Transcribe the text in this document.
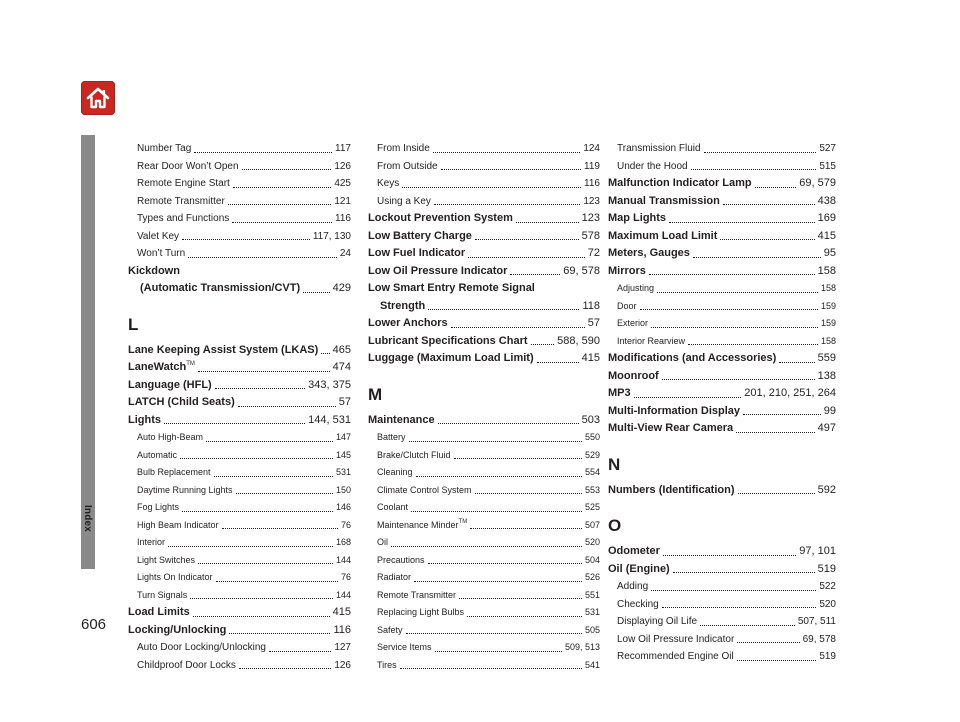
Index
606
Number Tag	117
Rear Door Won’t Open	126
Remote Engine Start	425
Remote Transmitter	121
Types and Functions	116
Valet Key	117, 130
Won’t Turn	24
Kickdown
(Automatic Transmission/CVT)	429
L
Lane Keeping Assist System (LKAS) 465
LaneWatch™	474
Language (HFL)	343, 375
LATCH (Child Seats)	57
Lights	144, 531
Auto High-Beam	147
Automatic	145
Bulb Replacement	531
Daytime Running Lights	150
Fog Lights	146
High Beam Indicator	76
Interior	168
Light Switches	144
Lights On Indicator	76
Turn Signals	144
Load Limits	415
Locking/Unlocking	116
Auto Door Locking/Unlocking	127
Childproof Door Locks	126
From Inside	124
From Outside	119
Keys	116
Using a Key	123
Lockout Prevention System	123
Low Battery Charge	578
Low Fuel Indicator	72
Low Oil Pressure Indicator	69, 578
Low Smart Entry Remote Signal
Strength	118
Lower Anchors	57
Lubricant Specifications Chart	588, 590
Luggage (Maximum Load Limit)	415
M
Maintenance	503
Battery	550
Brake/Clutch Fluid	529
Cleaning	554
Climate Control System	553
Coolant	525
Maintenance Minder™	507
Oil	520
Precautions	504
Radiator	526
Remote Transmitter	551
Replacing Light Bulbs	531
Safety	505
Service Items	509, 513
Tires	541
Transmission Fluid	527
Under the Hood	515
Malfunction Indicator Lamp	69, 579
Manual Transmission	438
Map Lights	169
Maximum Load Limit	415
Meters, Gauges	95
Mirrors	158
Adjusting	158
Door	159
Exterior	159
Interior Rearview	158
Modifications (and Accessories)	559
Moonroof	138
MP3	201, 210, 251, 264
Multi-Information Display	99
Multi-View Rear Camera	497
N
Numbers (Identification)	592
O
Odometer	97, 101
Oil (Engine)	519
Adding	522
Checking	520
Displaying Oil Life	507, 511
Low Oil Pressure Indicator	69, 578
Recommended Engine Oil	519
